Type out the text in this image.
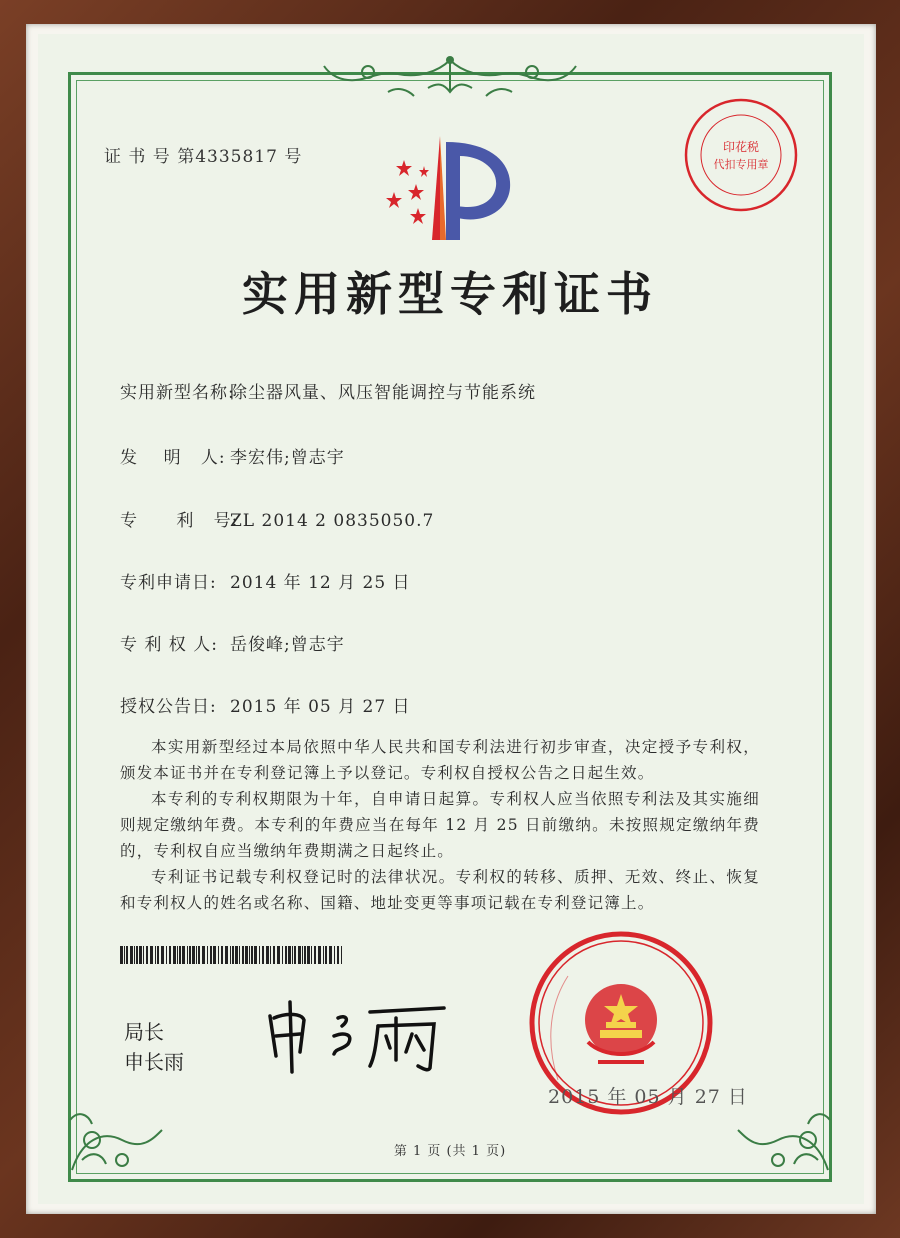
证 书 号 第4335817 号	印花税
代扣专用章
实用新型专利证书
实用新型名称:除尘器风量、风压智能调控与节能系统
发    明   人: 李宏伟;曾志宇
专      利   号:ZL 2014 2 0835050.7
专利申请日: 2014 年 12 月 25 日
专 利 权 人: 岳俊峰;曾志宇
授权公告日: 2015 年 05 月 27 日

本实用新型经过本局依照中华人民共和国专利法进行初步审查，决定授予专利权，颁发本证书并在专利登记簿上予以登记。专利权自授权公告之日起生效。

本专利的专利权期限为十年，自申请日起算。专利权人应当依照专利法及其实施细则规定缴纳年费。本专利的年费应当在每年 12 月 25 日前缴纳。未按照规定缴纳年费的，专利权自应当缴纳年费期满之日起终止。

专利证书记载专利权登记时的法律状况。专利权的转移、质押、无效、终止、恢复和专利权人的姓名或名称、国籍、地址变更等事项记载在专利登记簿上。

局长
申长雨
2015 年 05 月 27 日
第 1 页 (共 1 页)
